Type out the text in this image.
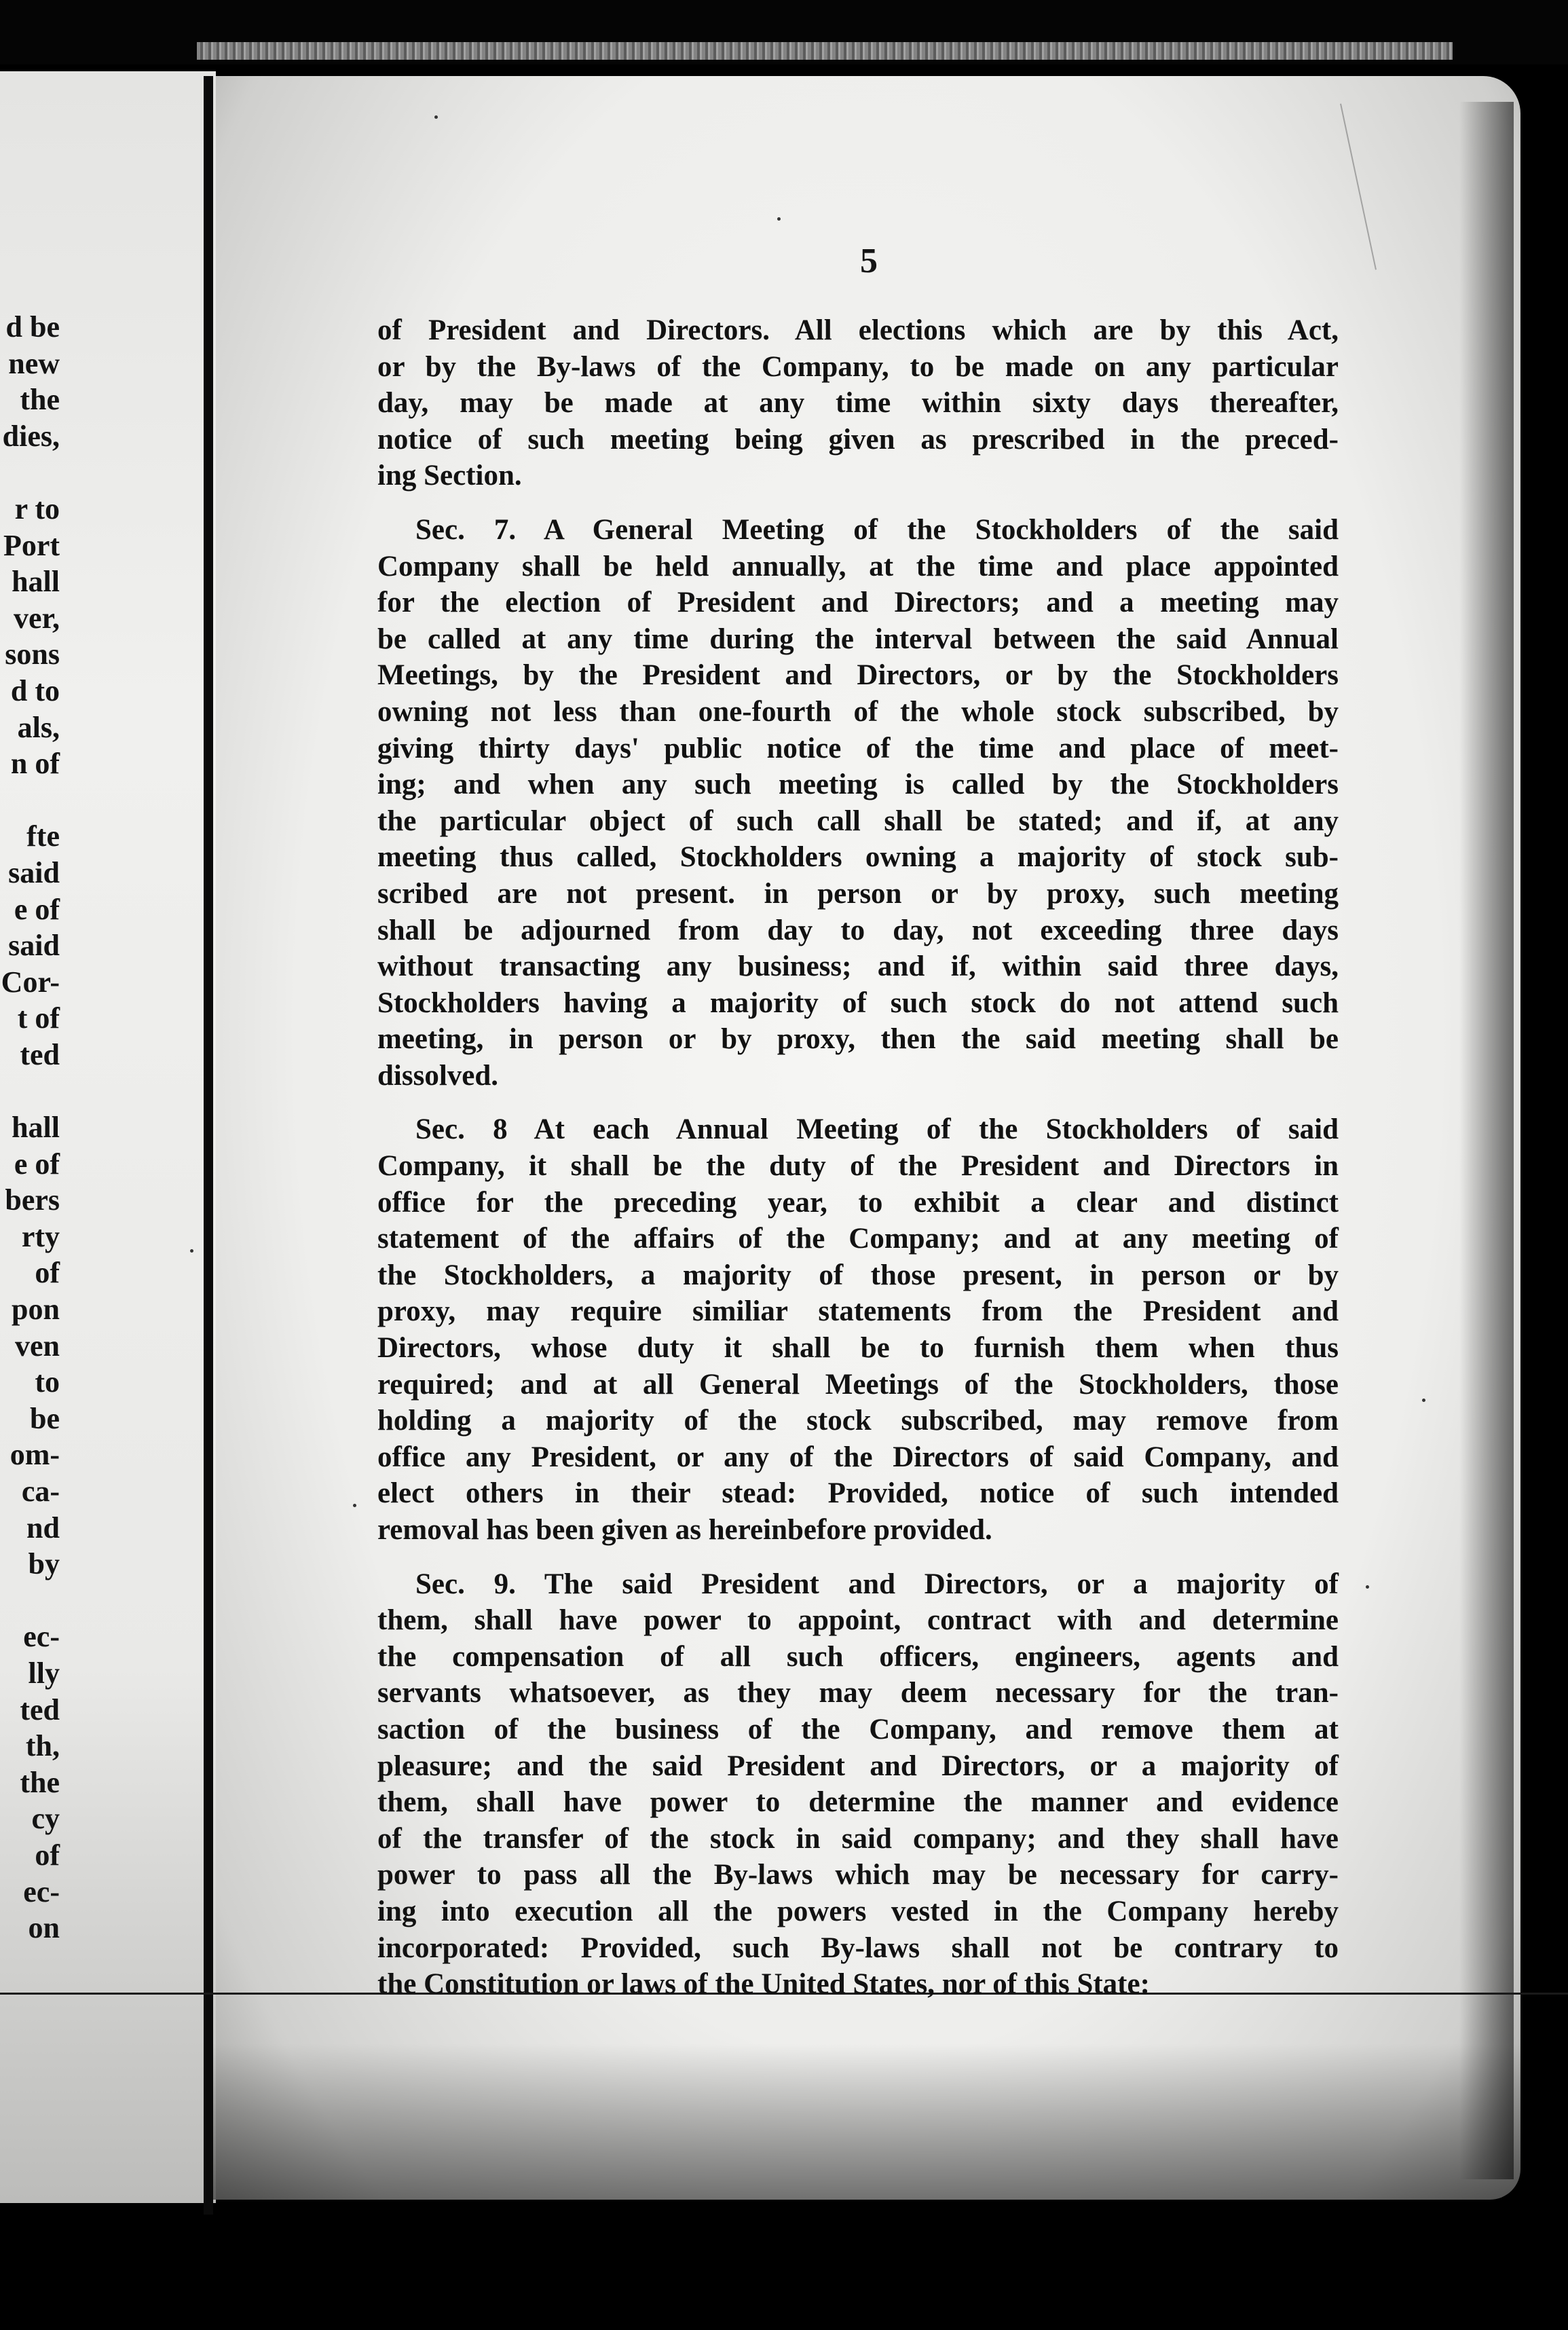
5
d be
new
the
dies,
r to
Port
hall
ver,
sons
d to
als,
n of
fte
said
e of
said
Cor-
t of
ted
hall
e of
bers
rty
of
pon
ven
to
be
om-
ca-
nd
by
ec-
lly
ted
th,
the
cy
of
ec-
on
of President and Directors. All elections which are by this Act,
or by the By-laws of the Company, to be made on any particular
day, may be made at any time within sixty days thereafter,
notice of such meeting being given as prescribed in the preced-
ing Section.
Sec. 7. A General Meeting of the Stockholders of the said
Company shall be held annually, at the time and place appointed
for the election of President and Directors; and a meeting may
be called at any time during the interval between the said Annual
Meetings, by the President and Directors, or by the Stockholders
owning not less than one-fourth of the whole stock subscribed, by
giving thirty days' public notice of the time and place of meet-
ing; and when any such meeting is called by the Stockholders
the particular object of such call shall be stated; and if, at any
meeting thus called, Stockholders owning a majority of stock sub-
scribed are not present. in person or by proxy, such meeting
shall be adjourned from day to day, not exceeding three days
without transacting any business; and if, within said three days,
Stockholders having a majority of such stock do not attend such
meeting, in person or by proxy, then the said meeting shall be
dissolved.
Sec. 8 At each Annual Meeting of the Stockholders of said
Company, it shall be the duty of the President and Directors in
office for the preceding year, to exhibit a clear and distinct
statement of the affairs of the Company; and at any meeting of
the Stockholders, a majority of those present, in person or by
proxy, may require similiar statements from the President and
Directors, whose duty it shall be to furnish them when thus
required; and at all General Meetings of the Stockholders, those
holding a majority of the stock subscribed, may remove from
office any President, or any of the Directors of said Company, and
elect others in their stead: Provided, notice of such intended
removal has been given as hereinbefore provided.
Sec. 9. The said President and Directors, or a majority of
them, shall have power to appoint, contract with and determine
the compensation of all such officers, engineers, agents and
servants whatsoever, as they may deem necessary for the tran-
saction of the business of the Company, and remove them at
pleasure; and the said President and Directors, or a majority of
them, shall have power to determine the manner and evidence
of the transfer of the stock in said company; and they shall have
power to pass all the By-laws which may be necessary for carry-
ing into execution all the powers vested in the Company hereby
incorporated: Provided, such By-laws shall not be contrary to
the Constitution or laws of the United States, nor of this State:
